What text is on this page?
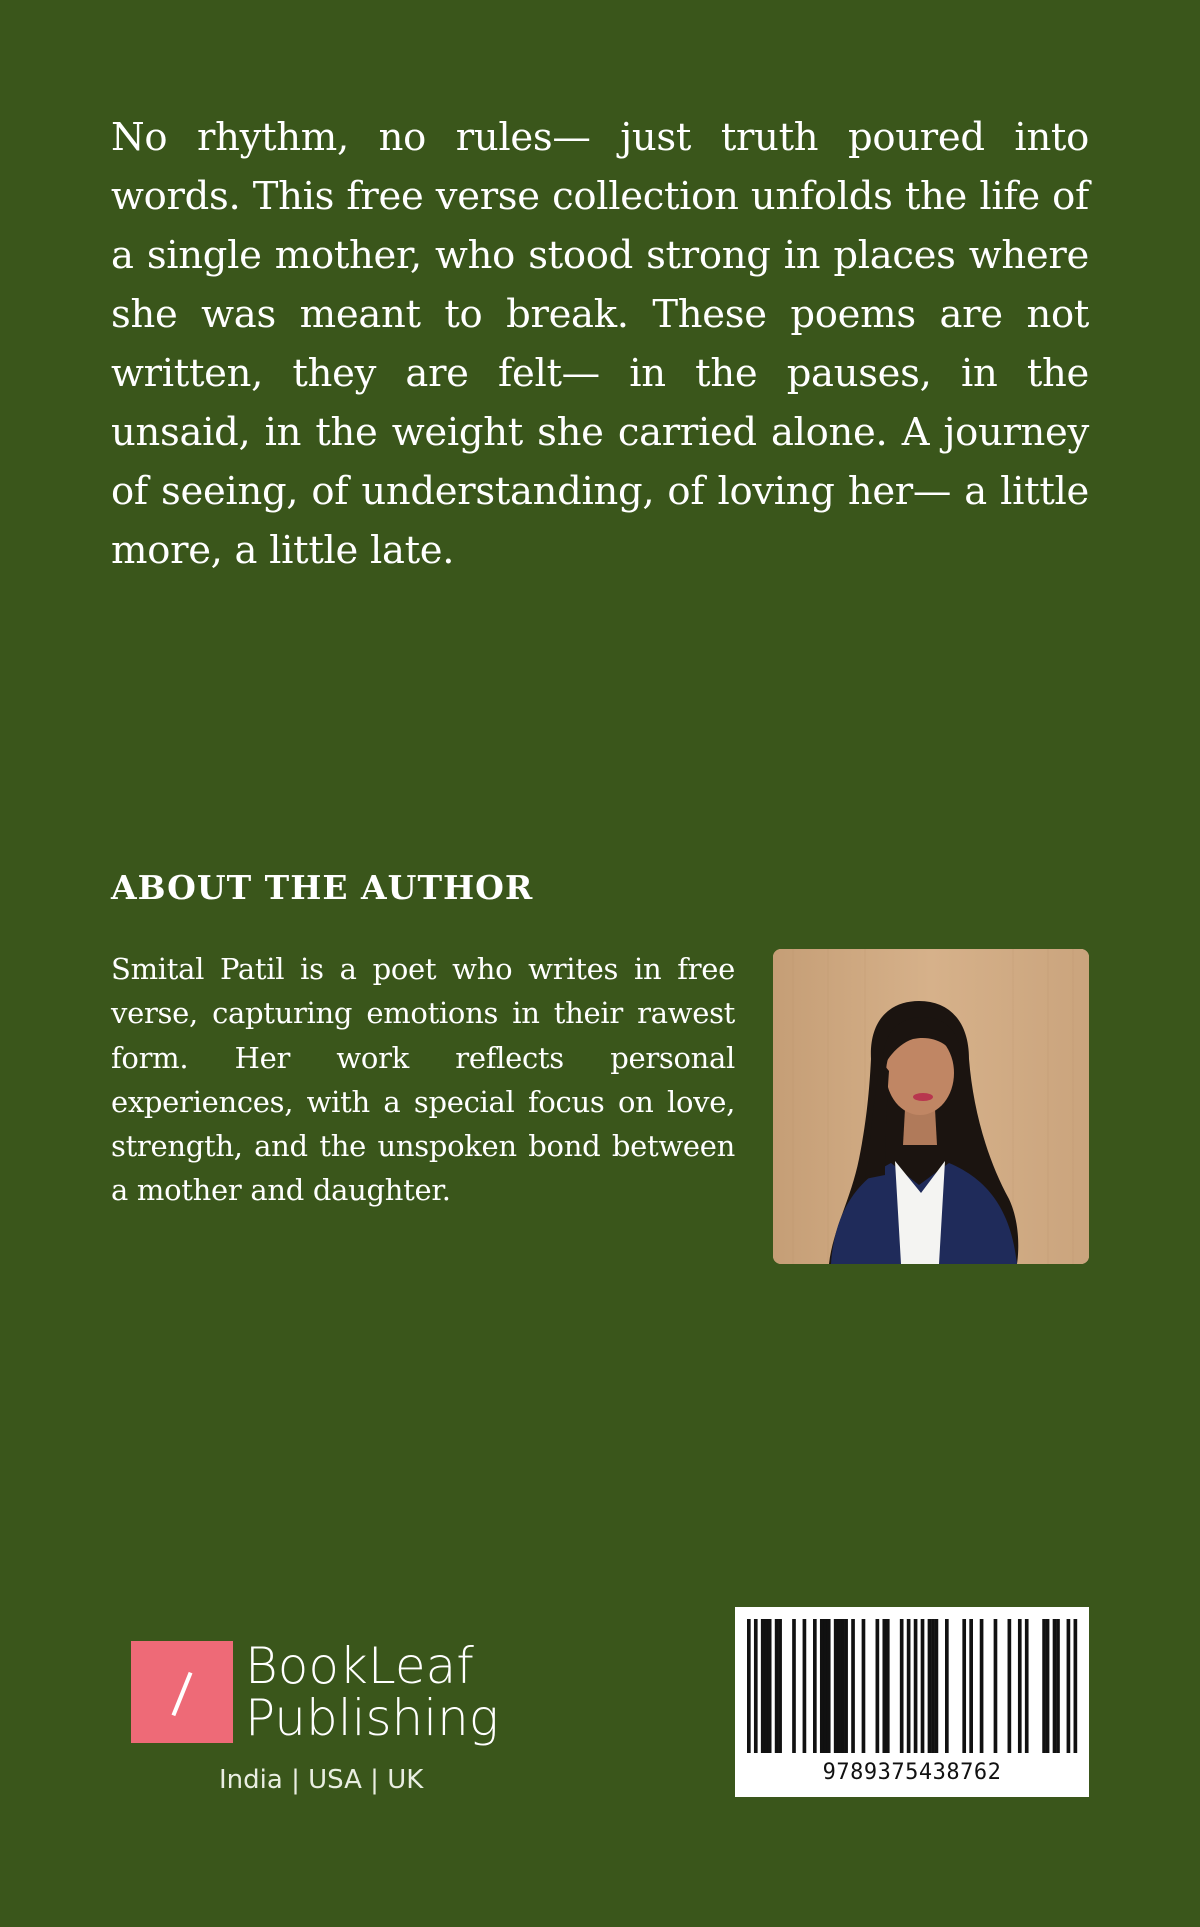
No rhythm, no rules— just truth poured into words. This free verse collection unfolds the life of a single mother, who stood strong in places where she was meant to break. These poems are not written, they are felt— in the pauses, in the unsaid, in the weight she carried alone. A journey of seeing, of understanding, of loving her— a little more, a little late.

ABOUT THE AUTHOR

Smital Patil is a poet who writes in free verse, capturing emotions in their rawest form. Her work reflects personal experiences, with a special focus on love, strength, and the unspoken bond between a mother and daughter.

BookLeaf
Publishing
India | USA | UK	9789375438762
